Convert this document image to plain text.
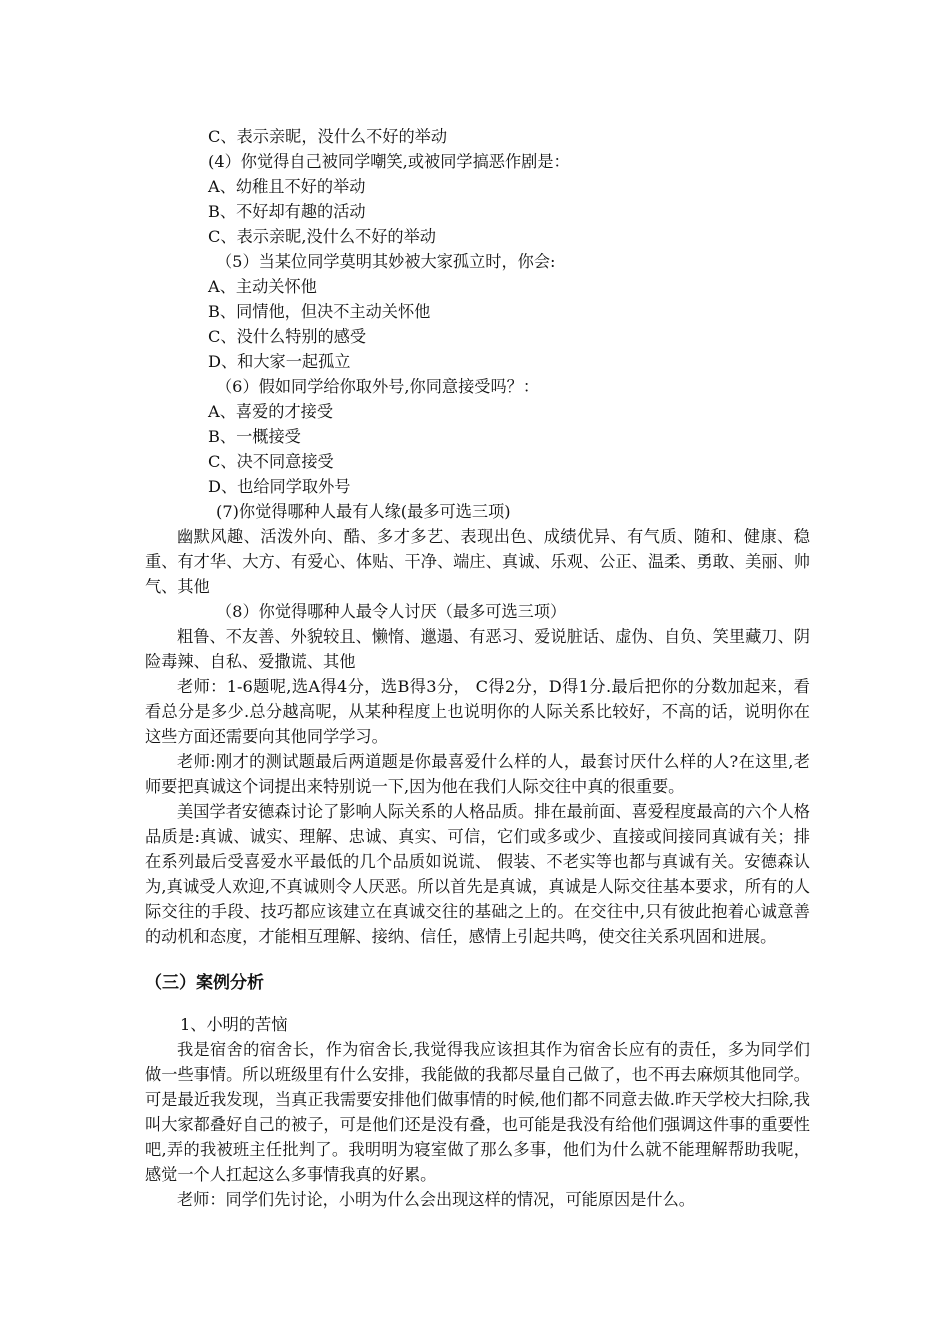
C、表示亲昵，没什么不好的举动
(4）你觉得自己被同学嘲笑,或被同学搞恶作剧是：
A、幼稚且不好的举动
B、不好却有趣的活动
C、表示亲昵,没什么不好的举动
（5）当某位同学莫明其妙被大家孤立时，你会:
A、主动关怀他
B、同情他，但决不主动关怀他
C、没什么特别的感受
D、和大家一起孤立
（6）假如同学给你取外号,你同意接受吗？：
A、喜爱的才接受
B、一概接受
C、决不同意接受
D、也给同学取外号
(7)你觉得哪种人最有人缘(最多可选三项)
幽默风趣、活泼外向、酷、多才多艺、表现出色、成绩优异、有气质、随和、健康、稳重、有才华、大方、有爱心、体贴、干净、端庄、真诚、乐观、公正、温柔、勇敢、美丽、帅气、其他
（8）你觉得哪种人最令人讨厌（最多可选三项）
粗鲁、不友善、外貌较且、懒惰、邋遢、有恶习、爱说脏话、虚伪、自负、笑里藏刀、阴险毒辣、自私、爱撒谎、其他
老师：1-6题呢,选A得4分，选B得3分， C得2分，D得1分.最后把你的分数加起来，看看总分是多少.总分越高呢，从某种程度上也说明你的人际关系比较好，不高的话，说明你在这些方面还需要向其他同学学习。
老师:刚才的测试题最后两道题是你最喜爱什么样的人，最套讨厌什么样的人?在这里,老师要把真诚这个词提出来特别说一下,因为他在我们人际交往中真的很重要。
美国学者安德森讨论了影响人际关系的人格品质。排在最前面、喜爱程度最高的六个人格品质是:真诚、诚实、理解、忠诚、真实、可信，它们或多或少、直接或间接同真诚有关；排在系列最后受喜爱水平最低的几个品质如说谎、 假装、不老实等也都与真诚有关。安德森认为,真诚受人欢迎,不真诚则令人厌恶。所以首先是真诚，真诚是人际交往基本要求，所有的人际交往的手段、技巧都应该建立在真诚交往的基础之上的。在交往中,只有彼此抱着心诚意善的动机和态度，才能相互理解、接纳、信任，感情上引起共鸣，使交往关系巩固和进展。
（三）案例分析
1、小明的苦恼
我是宿舍的宿舍长，作为宿舍长,我觉得我应该担其作为宿舍长应有的责任，多为同学们做一些事情。所以班级里有什么安排，我能做的我都尽量自己做了，也不再去麻烦其他同学。可是最近我发现，当真正我需要安排他们做事情的时候,他们都不同意去做.昨天学校大扫除,我叫大家都叠好自己的被子，可是他们还是没有叠，也可能是我没有给他们强调这件事的重要性吧,弄的我被班主任批判了。我明明为寝室做了那么多事，他们为什么就不能理解帮助我呢，感觉一个人扛起这么多事情我真的好累。
老师：同学们先讨论，小明为什么会出现这样的情况，可能原因是什么。
